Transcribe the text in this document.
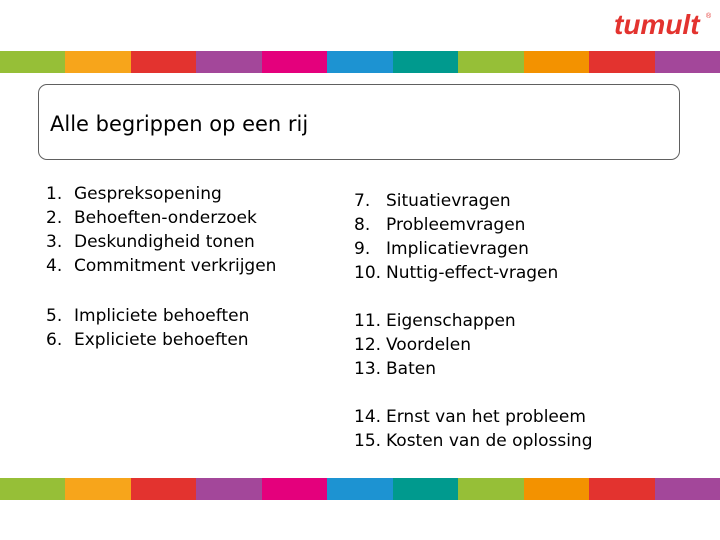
tumult ®
Alle begrippen op een rij
1. Gespreksopening
2. Behoeften-onderzoek
3. Deskundigheid tonen
4. Commitment verkrijgen
5. Impliciete behoeften
6. Expliciete behoeften
7. Situatievragen
8. Probleemvragen
9. Implicatievragen
10. Nuttig-effect-vragen
11. Eigenschappen
12. Voordelen
13. Baten
14. Ernst van het probleem
15. Kosten van de oplossing
